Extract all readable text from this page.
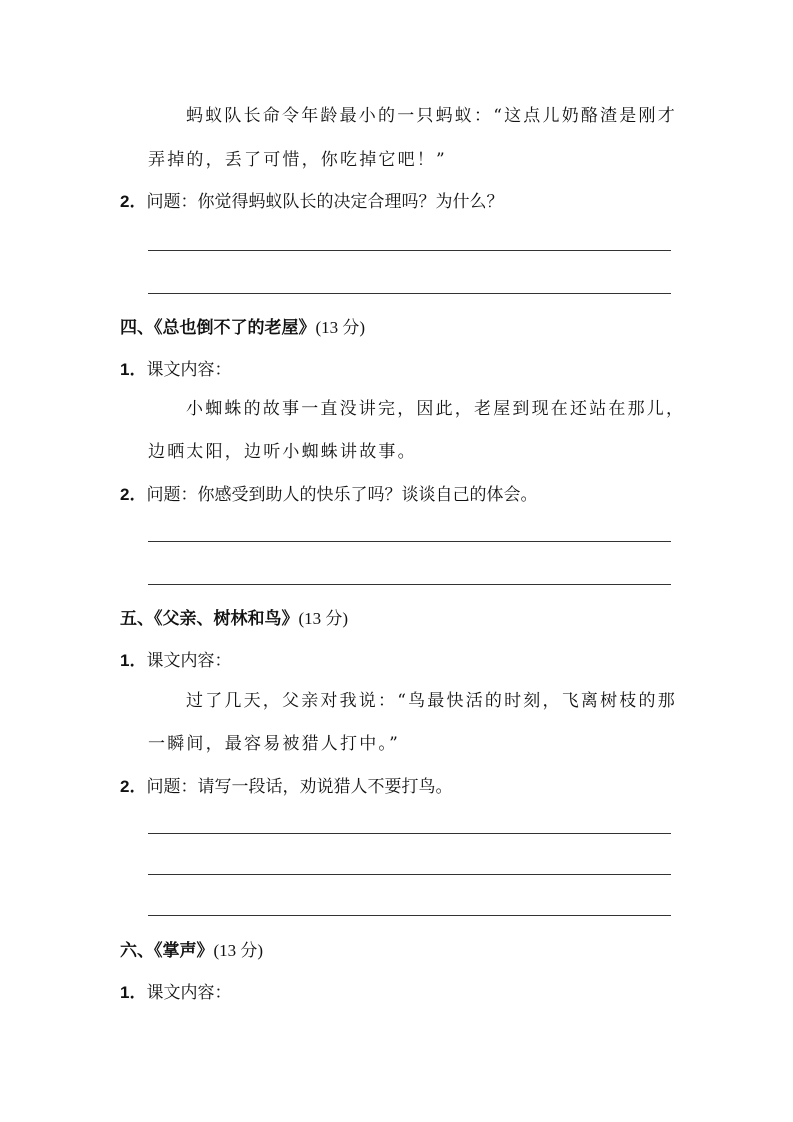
蚂蚁队长命令年龄最小的一只蚂蚁：“这点儿奶酪渣是刚才
弄掉的，丢了可惜，你吃掉它吧！”
2．问题：你觉得蚂蚁队长的决定合理吗？为什么？
四、《总也倒不了的老屋》(13 分)
1．课文内容：
小蜘蛛的故事一直没讲完，因此，老屋到现在还站在那儿，
边晒太阳，边听小蜘蛛讲故事。
2．问题：你感受到助人的快乐了吗？谈谈自己的体会。
五、《父亲、树林和鸟》(13 分)
1．课文内容：
过了几天，父亲对我说：“鸟最快活的时刻，飞离树枝的那
一瞬间，最容易被猎人打中。”
2．问题：请写一段话，劝说猎人不要打鸟。
六、《掌声》(13 分)
1．课文内容：
